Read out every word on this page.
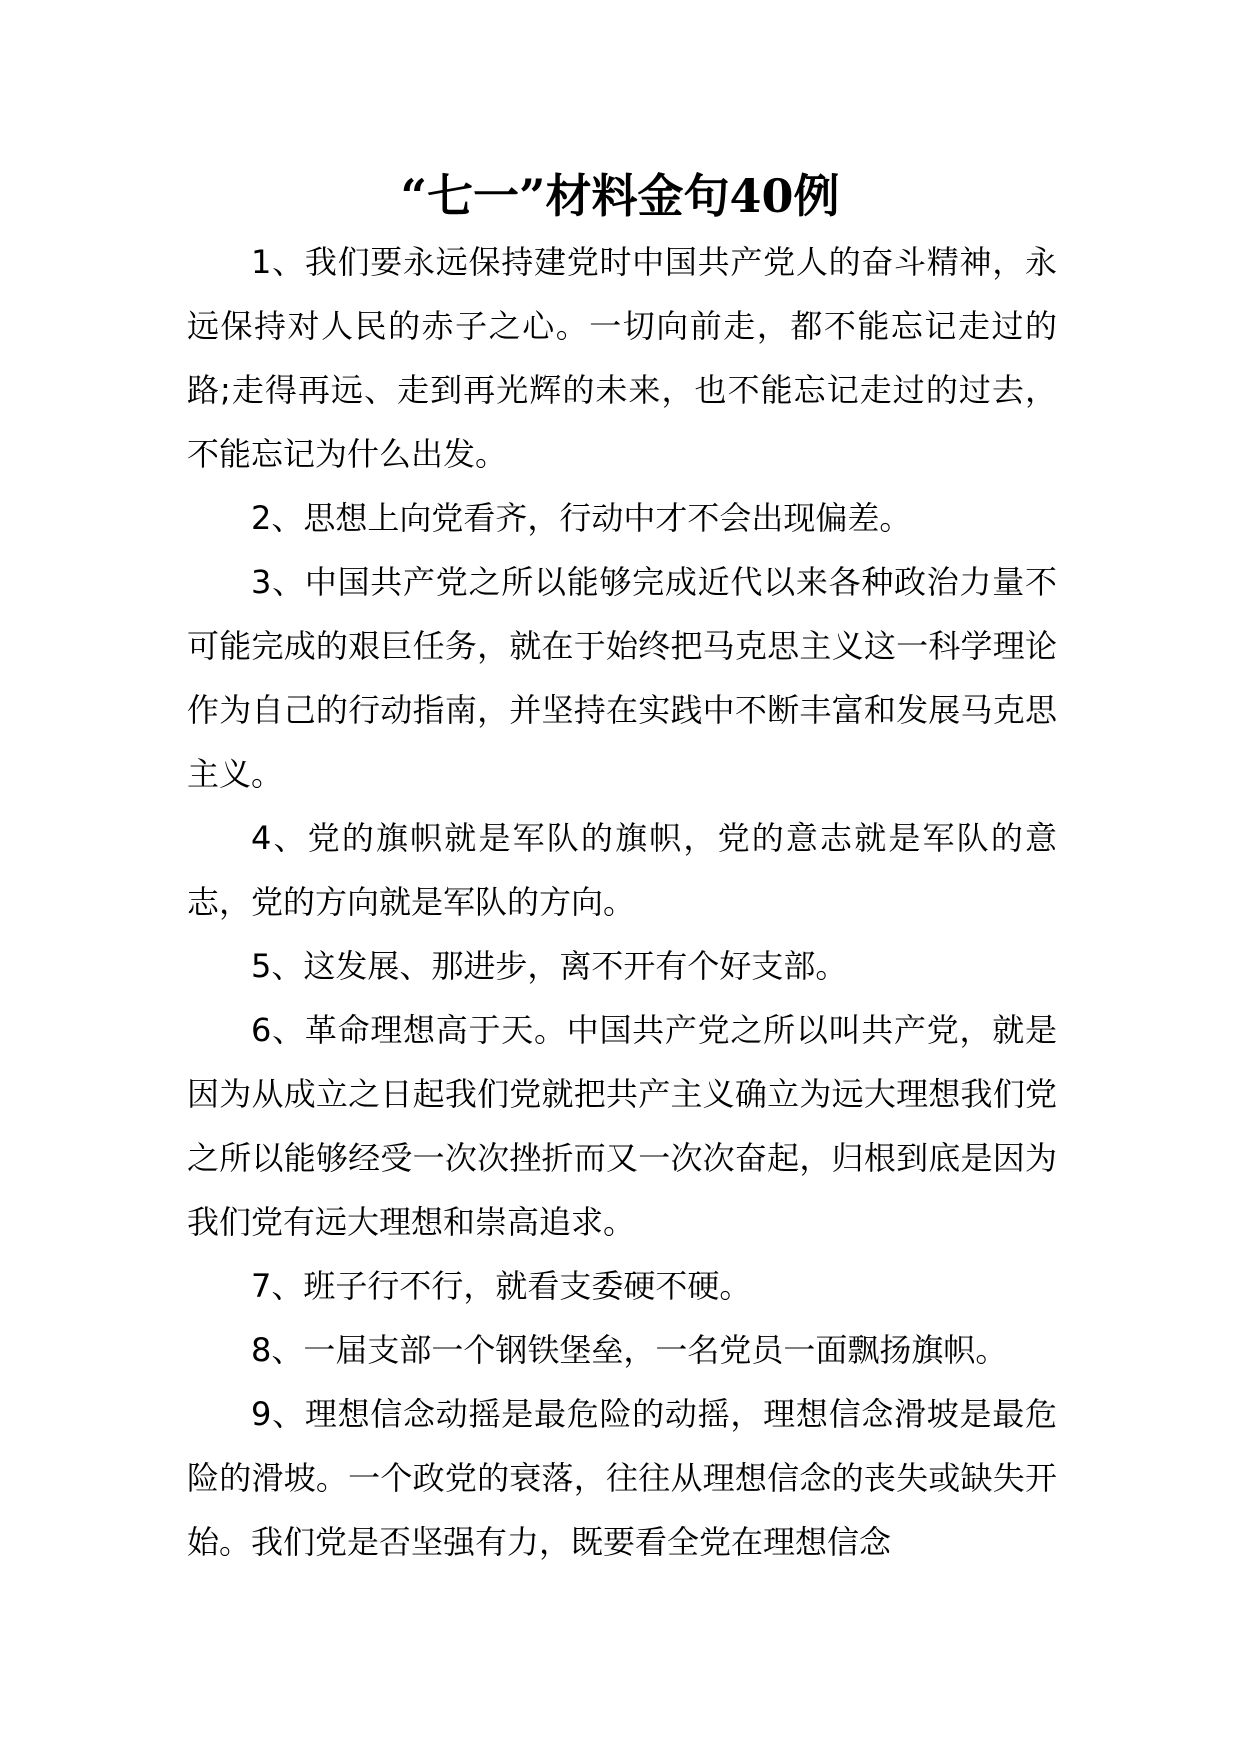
“七一”材料金句40例

1、我们要永远保持建党时中国共产党人的奋斗精神，永远保持对人民的赤子之心。一切向前走，都不能忘记走过的路;走得再远、走到再光辉的未来，也不能忘记走过的过去，不能忘记为什么出发。

2、思想上向党看齐，行动中才不会出现偏差。

3、中国共产党之所以能够完成近代以来各种政治力量不可能完成的艰巨任务，就在于始终把马克思主义这一科学理论作为自己的行动指南，并坚持在实践中不断丰富和发展马克思主义。

4、党的旗帜就是军队的旗帜，党的意志就是军队的意志，党的方向就是军队的方向。

5、这发展、那进步，离不开有个好支部。

6、革命理想高于天。中国共产党之所以叫共产党，就是因为从成立之日起我们党就把共产主义确立为远大理想我们党之所以能够经受一次次挫折而又一次次奋起，归根到底是因为我们党有远大理想和崇高追求。

7、班子行不行，就看支委硬不硬。

8、一届支部一个钢铁堡垒，一名党员一面飘扬旗帜。

9、理想信念动摇是最危险的动摇，理想信念滑坡是最危险的滑坡。一个政党的衰落，往往从理想信念的丧失或缺失开始。我们党是否坚强有力，既要看全党在理想信念
